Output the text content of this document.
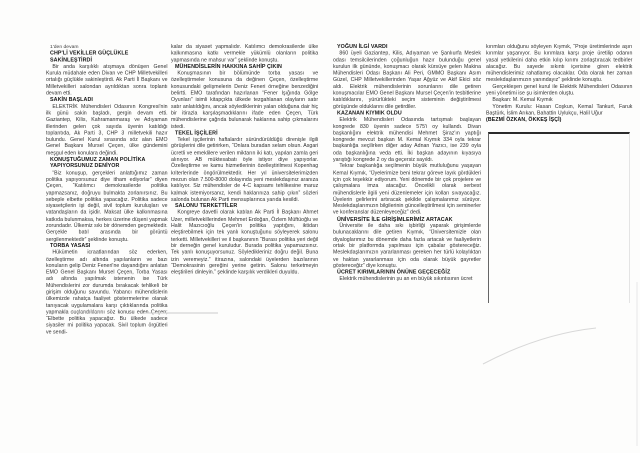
1'den devam

CHP'Lİ VEKİLLER GÜÇLÜKLE SAKİNLEŞTİRDİ

Bir anda karşılıklı atışmaya dönüşen Genel Kurula müdahale eden Divan ve CHP Milletvekilleri ortalığı güçlükle sakinleştirdi. Ak Parti İl Başkanı ve Milletvekilleri salondan ayrıldıktan sonra toplantı devam etti.

SAKİN BAŞLADI

ELEKTRİK Mühendisleri Odasının Kongresi'nin ilk günü sakin başladı, gergin devam etti. Gaziantep, Kilis, Kahramanmaraş ve Adıyaman illerinden gelen çok sayıda üyenin katıldığı toplantıda, Ak Parti 3, CHP 3 milletvekili hazır bulundu. Genel Kurul sırasında söz alan EMO Genel Başkanı Mursel Çeçen, ülke gündemini meşgul eden konulara değindi.

KONUŞTUĞUMUZ ZAMAN POLİTİKA YAPIYORSUNUZ DENİYOR

“Biz konuşup, gerçekleri anlattığımız zaman politika yapıyorsunuz diye itham ediyorlar” diyen Çeçen, “Katılımcı demokrasilerde politika yapmazsanız, doğruyu bulmakta zorlanırsınız. Bu sebeple elbette politika yapacağız. Politika sadece siyasetçilerin işi değil, sivil toplum kuruluşları ve vatandaşların da işidir. Maksat ülke kalkınmasına katkıda bulunmaksa, herkes üzerine düşeni yapmak zorundadır. Ülkemiz sıkı bir dönemden geçmektedir. Gerçekle batıl arasında bir görüntü sergilenmektedir” şeklinde konuştu.

TORBA YASASI

Hükümetin icraatlarından söz ederken, özelleştirme adı altında yapılanların ve bazı konuların gelip Deniz Feneri'ne dayandığını anlatan EMO Genel Başkanı Mursel Çeçen, Torba Yasası adı altında yapılmak istenenin ise Türk Mühendislerini zor durumda bırakacak tehlikeli bir girişim olduğunu savundu. Yabancı mühendislerin ülkemizde rahatça faaliyet göstermelerine olanak tanıyacak uygulamalara karşı çıktıklarında politika yapmakla suçlandıklarını söz konusu eden Çeçen; “Elbette politika yapacağız. Bu ülkede sadece siyasiler mi politika yapacak. Sivil toplum örgütleri ve sendi-

kalar da siyaset yapmalıdır. Katılımcı demokrasilerde ülke kalkınmasına katkı vermekle yükümlü olanların politika yapmasında ne mahsur var” şeklinde konuştu.

MÜHENDİSLERİN HAKKINA SAHİP ÇIKIN

Konuşmasının bir bölümünde torba yasası ve özelleştirmeler konusuna da değinen Çeçen, özelleştirme konusundaki gelişmelerin Deniz Feneri örneğine benzediğini belirtti. EMO tarafından hazırlanan “Fener Işığında Gölge Oyunları” isimli kitapçıkta ülkede tezgahlanan olayların satır satır anlatıldığını, ancak söylediklerinin yalan olduğuna dair hiç bir itirazla karşılaşmadıklarını ifade eden Çeçen, Türk mühendislerine çağrıda bulunarak haklarına sahip çıkmalarını istedi.

TEKEL İŞÇİLERİ

Tekel işçilerinin haftalardır süründürüldüğü direnişle ilgili görüşlerini dile getirirken, “Onlara buradan selam olsun. Asgari ücretli ve emeklilere verilen miktarın iki katı, yapılan zamla geri alınıyor. AB müktesabatı öyle istiyor diye yapıyorlar. Özelleştirme ve kamu hizmetlerinin özelleştirilmesi Kopenhag kriterlerinde öngörülmektedir. Her yıl üniversitelerimizden mezun olan 7.500-8000 dolayında yeni meslekdaşınız aranıza katılıyor. Siz mühendisler de 4-C kapsamı tehlikesine maruz kalmak istemiyorsanız, kendi haklarınıza sahip çıkın” sözleri salonda bulunan Ak Parti mensuplarınca yarıda kesildi.

SALONU TERKETTİLER

Kongreye davetli olarak katılan Ak Parti İl Başkanı Ahmet Uzer, milletvekillerinden Mehmet Erdoğan, Özlem Müftüoğlu ve Halit Mazıcıoğlu Çeçen'in politika yaptığını, iktidarı eleştirebilmek için tek yanlı konuştuğunu söyleyerek salonu terketti. Milletvekilleri ve il başkanının “Burası politika yeri değil bir derneğin genel kuruludur. Burada politika yapamazsınız. Tek yanlı konuşuyorsunuz. Söyledikleriniz doğru değil. Buna izin veremeyiz.” itirazına, salondaki üyelerden bazılarının “Demokrasinin gereğini yerine getirin. Salonu terketmeyin eleştirileri dinleyin.” şeklinde karşılık verdikleri duyuldu.

YOĞUN İLGİ VARDI

860 üyeli Gaziantep, Kilis, Adıyaman ve Şanlıurfa Meslek odası temsilcilerinden çoğunluğun hazır bulunduğu genel kurulun ilk gününde, konuşmacı olarak kürsüye gelen Makina Mühendisleri Odası Başkanı Ali Peri, GMMO Başkanı Asım Güzel, CHP Milletvekillerinden Yaşar Ağyüz ve Akif Ekici söz aldı. Elektrik mühendislerinin sorunlarını dile getiren konuşmacılar EMO Genel Başkanı Mursel Çeçen'in tesbitlerine katıldıklarını, yürürlükteki seçim sisteminin değiştirilmesi görüşünde olduklarını dile getirdiler.

KAZANAN KIYMIK OLDU

Elektrik Mühendisleri Odasında tartışmalı başlayan kongrede 830 üyenin sadece 575'i oy kullandı. Divan başkanlığını elektrik mühendisi Mehmet Şiraz'ın yaptığı kongrede mevcut başkan M. Kemal Kıymık 334 oyla tekrar başkanlığa seçilirken diğer aday Adnan Yazıcı, ise 239 oyla oda başkanlığına veda etti. İki başkan adayının kıyasıya yarıştığı kongrede 2 oy da geçersiz sayıldı.

Tekrar başkanlığa seçilmenin büyük mutluluğunu yaşayan Kemal Kıymık, “Üyelerimize beni tekrar göreve layık gördükleri için çok teşekkür ediyorum. Yeni dönemde bir çok projelere ve çalışmalara imza atacağız. Öncelikli olarak serbest mühendislerle ilgili yeni düzenlemeler için kolları sıvayacağız. Üyelerin gelirlerini artıracak şekilde çalışmalarımız sürüyor. Meslekdaşlarımızın bilgilerinin güncelleştirilmesi için seminerler ve konferanslar düzenleyeceğiz” dedi.

ÜNİVERSİTE İLE GİRİŞİMLERİMİZ ARTACAK

Üniversite ile daha sıkı işbirliği yaparak girişimlerde bulunacaklarını dile getiren Kıymık, “Üniversitemizle olan diyaloglarımız bu dönemde daha fazla artacak ve faaliyetlerin ortak bir platformda yapılması için çabalar göstereceğiz. Meslekdaşlarımızın yararlanması gereken her türlü kolaylıktan ve haktan yararlanması için oda olarak büyük gayretler göstereceğiz” diye konuştu.

ÜCRET KIRIMLARININ ÖNÜNE GEÇECEĞİZ

Elektrik mühendislerinin şu an en büyük sıkıntısının ücret

kırımları olduğunu söyleyen Kıymık, “Proje üretimlerinde aşırı kırımlar yaşanıyor. Bu kırımlara karşı proje üretilip odanın yasal yetkilerini daha etkin kılıp kırımı zorlaştıracak tedbirler alacağız. Bu sayede sıkıntı içerisine giren elektrik mühendislerimiz rahatlamış olacaklar. Oda olarak her zaman meslekdaşlarımızın yanındayız” şeklinde konuştu.

Gerçekleşen genel kurul ile Elektrik Mühendisleri Odasının yeni yönetimi ise şu isimlerden oluştu.

Başkan: M. Kemal Kıymık

Yönetim Kurulu: Hasan Coşkun, Kemal Tankurt, Faruk Baştürk, İslim Arıkan, Bahattin Uylukçu, Halil Uğur

(BEZMİ ÖZKAN, ÖKKEŞ İŞÇİ)
